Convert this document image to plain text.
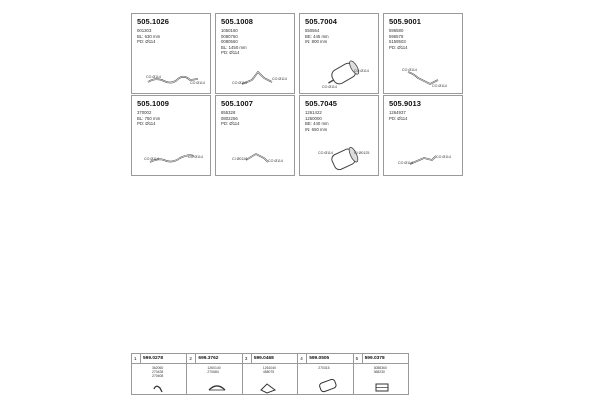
505.1026
001303
BL: 630 mm
PD: Ø114
CO Ø114
CO Ø114
505.1008
1050160
0080760
0080560
BL: 1450 mm
PD: Ø114
CO Ø114
CO Ø114
505.7004
550564
BE: 445 mm
IN: 800 mm
CO Ø114
CO Ø114
505.9001
596580
596578
5159503
PD: Ø114
CO Ø114
CO Ø114
505.1009
370002
BL: 750 mm
PD: Ø114
CO Ø114	CO Ø114
505.1007
855328
0802256
PD: Ø114
CI Ø0126	CO Ø114
505.7045
1261422
1250000
BE: 440 mm
IN: 650 mm
CO Ø114	CI Ø0125
505.9013
1264937
PD: Ø114
CO Ø114
CO Ø114
1 599.0278
362060
270428
270408
2 699.3762
1260140
270684
3 599.0468
1261040
458075
4 599.0505
270315
5 599.0378
3088360
368230
